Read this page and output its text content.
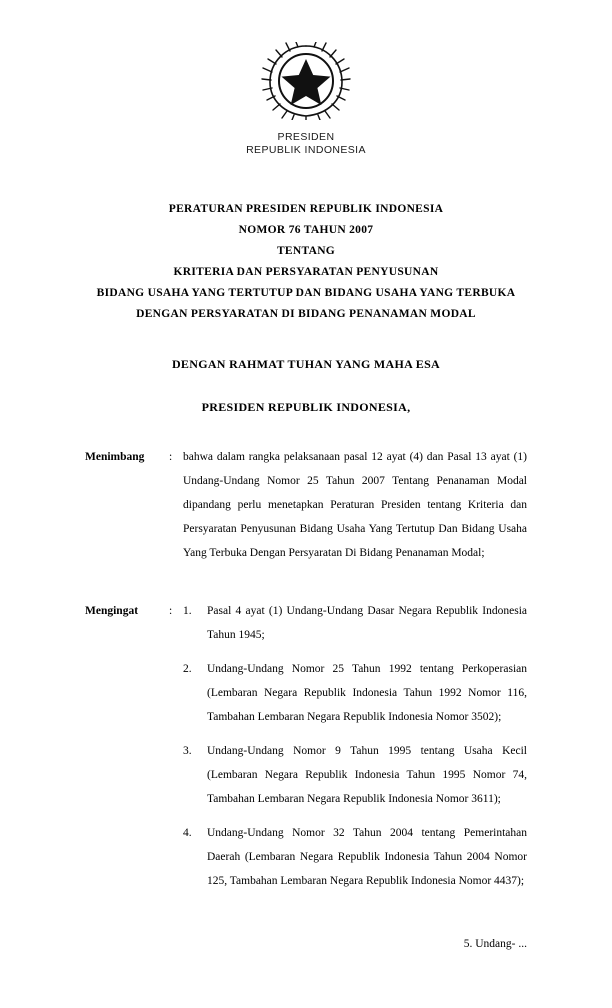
PRESIDEN
REPUBLIK INDONESIA
PERATURAN PRESIDEN REPUBLIK INDONESIA
NOMOR 76 TAHUN 2007
TENTANG
KRITERIA DAN PERSYARATAN PENYUSUNAN
BIDANG USAHA YANG TERTUTUP DAN BIDANG USAHA YANG TERBUKA
DENGAN PERSYARATAN DI BIDANG PENANAMAN MODAL
DENGAN RAHMAT TUHAN YANG MAHA ESA
PRESIDEN REPUBLIK INDONESIA,
Menimbang	: bahwa dalam rangka pelaksanaan pasal 12 ayat (4) dan Pasal 13 ayat (1) Undang-Undang Nomor 25 Tahun 2007 Tentang Penanaman Modal dipandang perlu menetapkan Peraturan Presiden tentang Kriteria dan Persyaratan Penyusunan Bidang Usaha Yang Tertutup Dan Bidang Usaha Yang Terbuka Dengan Persyaratan Di Bidang Penanaman Modal;
Mengingat	: 1.	Pasal 4 ayat (1) Undang-Undang Dasar Negara Republik Indonesia Tahun 1945;
2.	Undang-Undang Nomor 25 Tahun 1992 tentang Perkoperasian (Lembaran Negara Republik Indonesia Tahun 1992 Nomor 116, Tambahan Lembaran Negara Republik Indonesia Nomor 3502);
3.	Undang-Undang Nomor 9 Tahun 1995 tentang Usaha Kecil (Lembaran Negara Republik Indonesia Tahun 1995 Nomor 74, Tambahan Lembaran Negara Republik Indonesia Nomor 3611);
4.	Undang-Undang Nomor 32 Tahun 2004 tentang Pemerintahan Daerah (Lembaran Negara Republik Indonesia Tahun 2004 Nomor 125, Tambahan Lembaran Negara Republik Indonesia Nomor 4437);
5. Undang- ...
